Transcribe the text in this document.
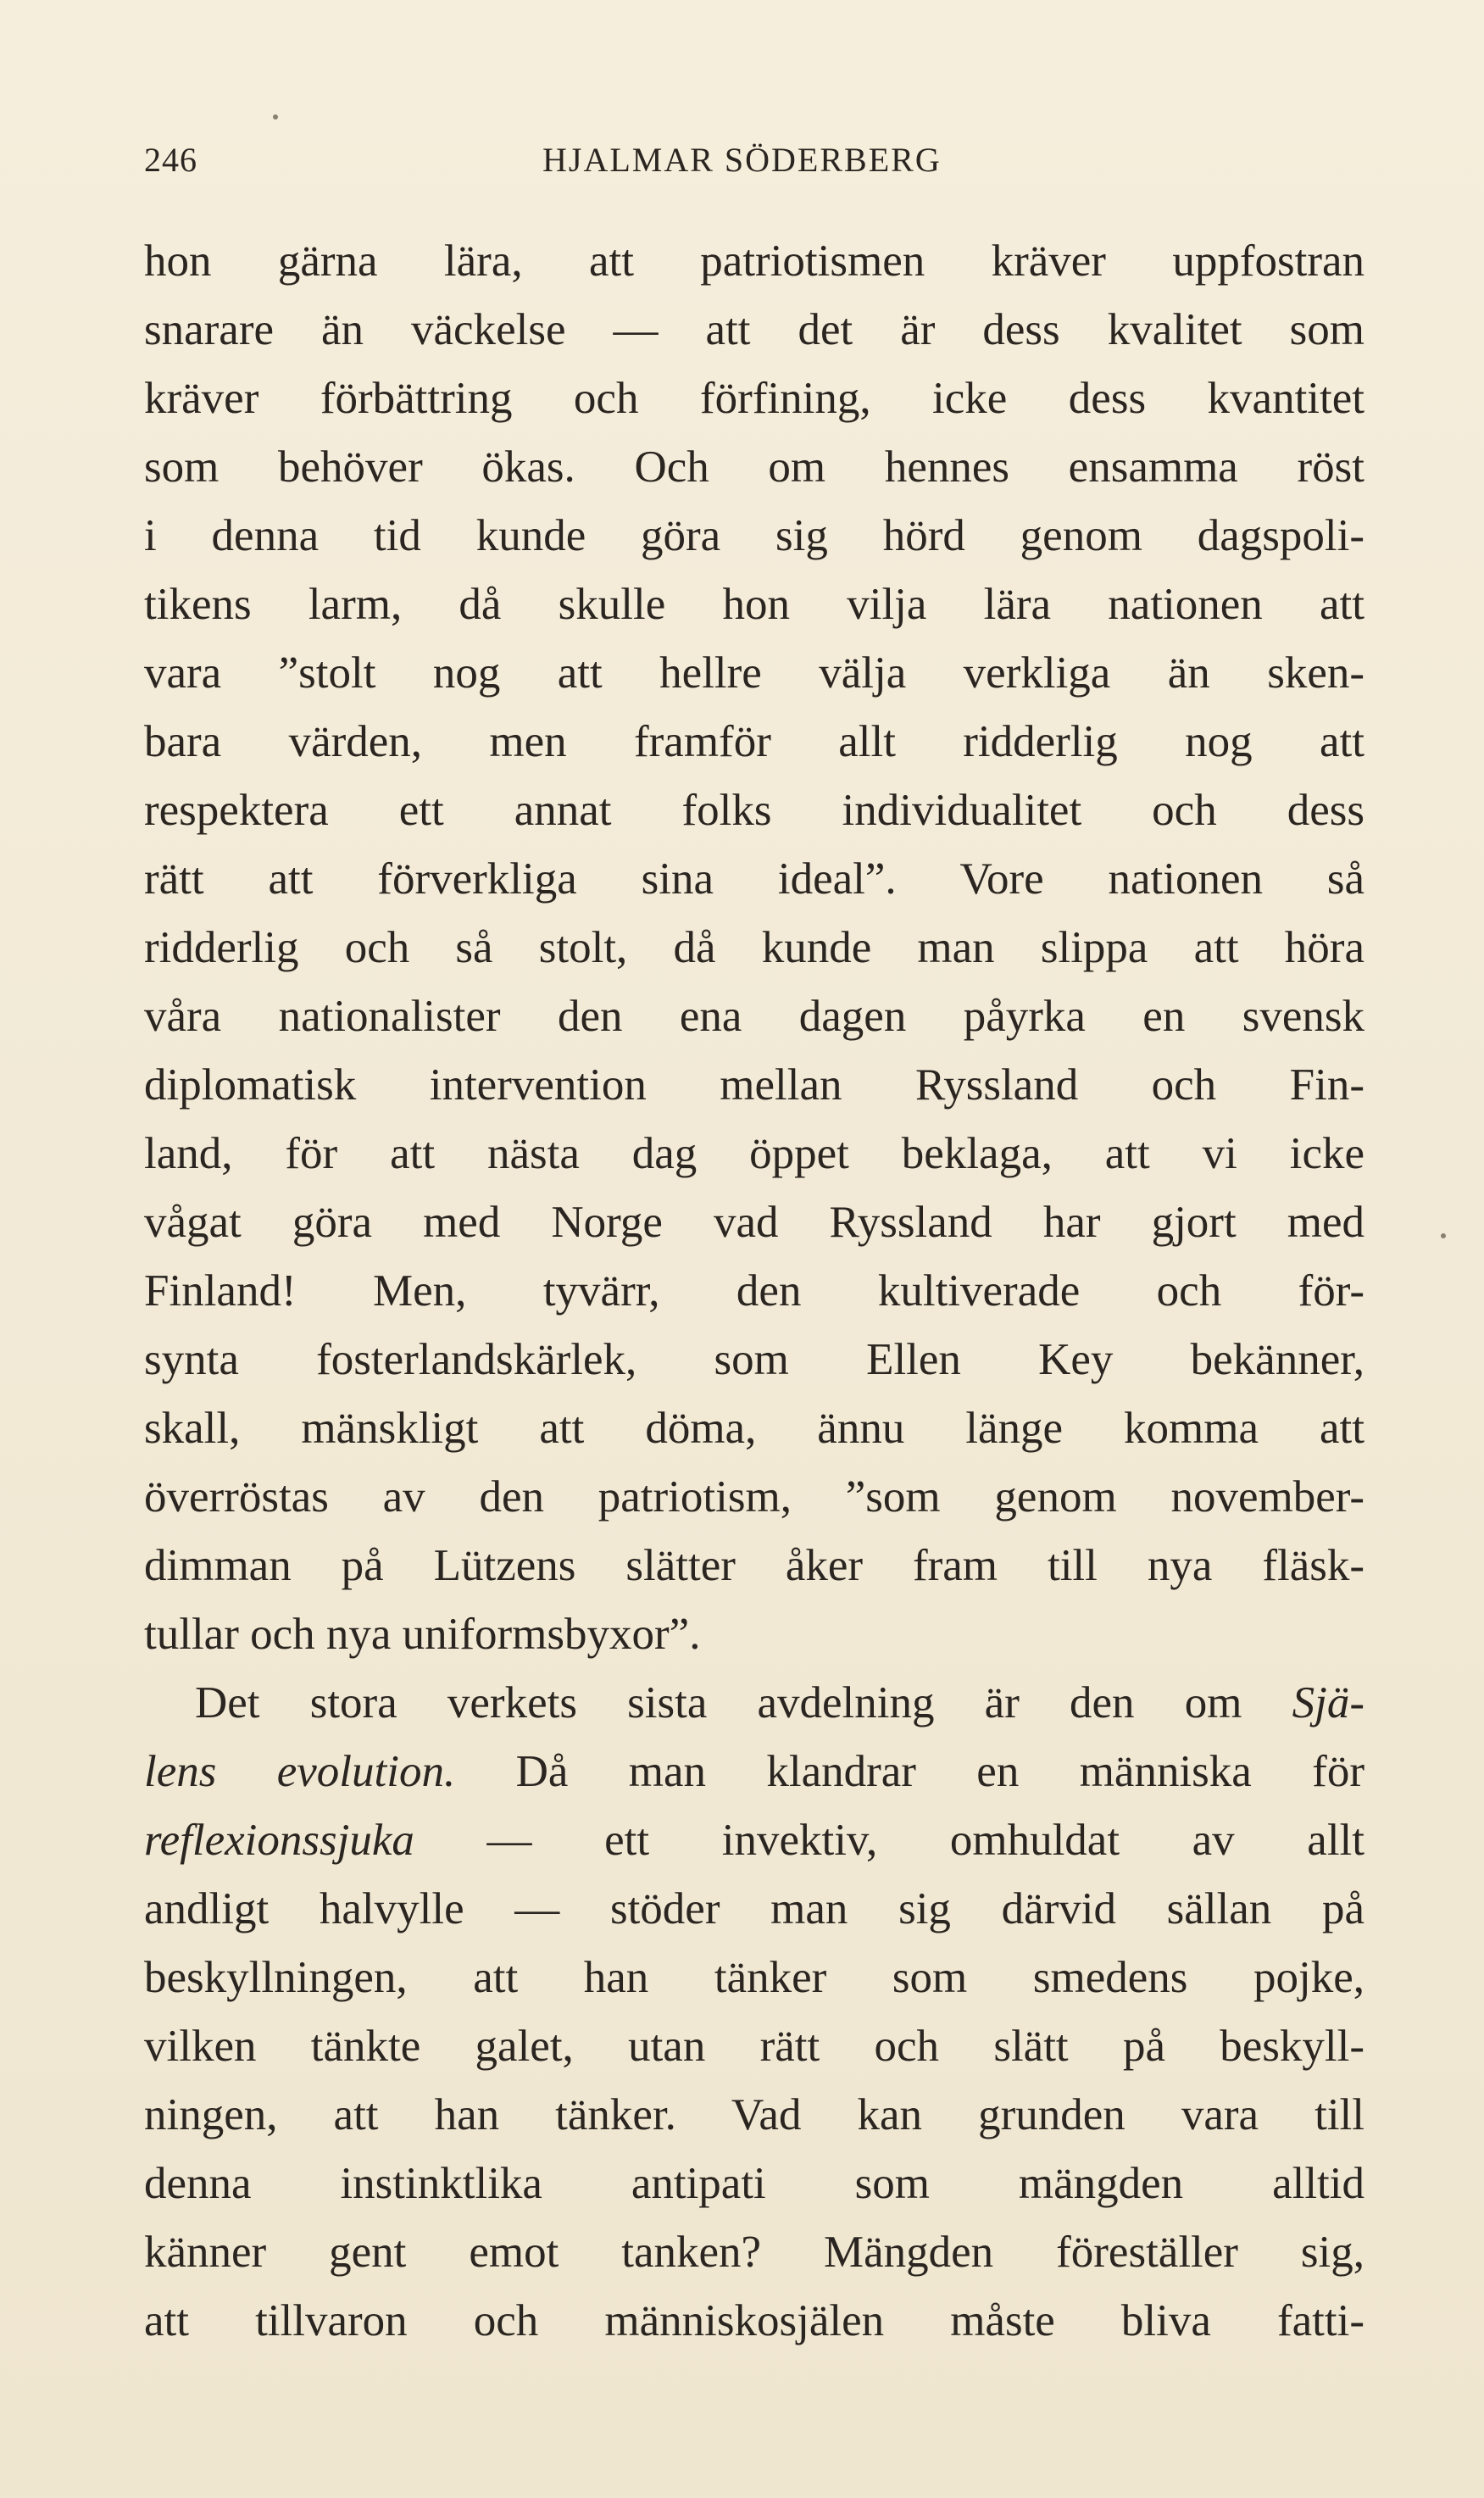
246	HJALMAR SÖDERBERG
hon gärna lära, att patriotismen kräver uppfostran
snarare än väckelse — att det är dess kvalitet som
kräver förbättring och förfining, icke dess kvantitet
som behöver ökas. Och om hennes ensamma röst
i denna tid kunde göra sig hörd genom dagspoli-
tikens larm, då skulle hon vilja lära nationen att
vara ”stolt nog att hellre välja verkliga än sken-
bara värden, men framför allt ridderlig nog att
respektera ett annat folks individualitet och dess
rätt att förverkliga sina ideal”. Vore nationen så
ridderlig och så stolt, då kunde man slippa att höra
våra nationalister den ena dagen påyrka en svensk
diplomatisk intervention mellan Ryssland och Fin-
land, för att nästa dag öppet beklaga, att vi icke
vågat göra med Norge vad Ryssland har gjort med
Finland! Men, tyvärr, den kultiverade och för-
synta fosterlandskärlek, som Ellen Key bekänner,
skall, mänskligt att döma, ännu länge komma att
överröstas av den patriotism, ”som genom november-
dimman på Lützens slätter åker fram till nya fläsk-
tullar och nya uniformsbyxor”.
Det stora verkets sista avdelning är den om Sjä-
lens evolution. Då man klandrar en människa för
reflexionssjuka — ett invektiv, omhuldat av allt
andligt halvylle — stöder man sig därvid sällan på
beskyllningen, att han tänker som smedens pojke,
vilken tänkte galet, utan rätt och slätt på beskyll-
ningen, att han tänker. Vad kan grunden vara till
denna instinktlika antipati som mängden alltid
känner gent emot tanken? Mängden föreställer sig,
att tillvaron och människosjälen måste bliva fatti-
